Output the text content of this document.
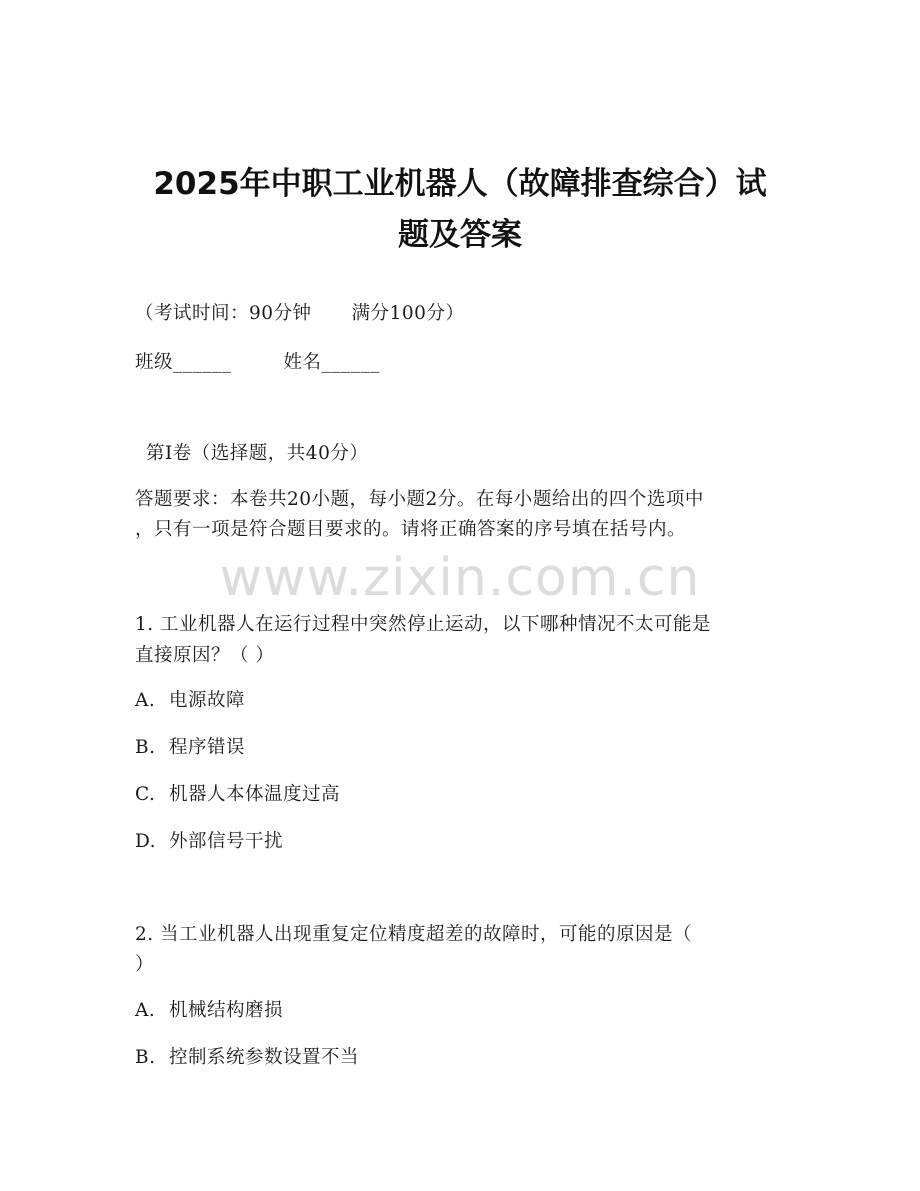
2025年中职工业机器人（故障排查综合）试
题及答案
（考试时间：90分钟 满分100分）
班级______	姓名______
第I卷（选择题，共40分）
答题要求：本卷共20小题，每小题2分。在每小题给出的四个选项中
，只有一项是符合题目要求的。请将正确答案的序号填在括号内。
www.zixin.com.cn
1. 工业机器人在运行过程中突然停止运动，以下哪种情况不太可能是
直接原因？（ ）
A. 电源故障
B. 程序错误
C. 机器人本体温度过高
D. 外部信号干扰
2. 当工业机器人出现重复定位精度超差的故障时，可能的原因是（
）
A. 机械结构磨损
B. 控制系统参数设置不当
